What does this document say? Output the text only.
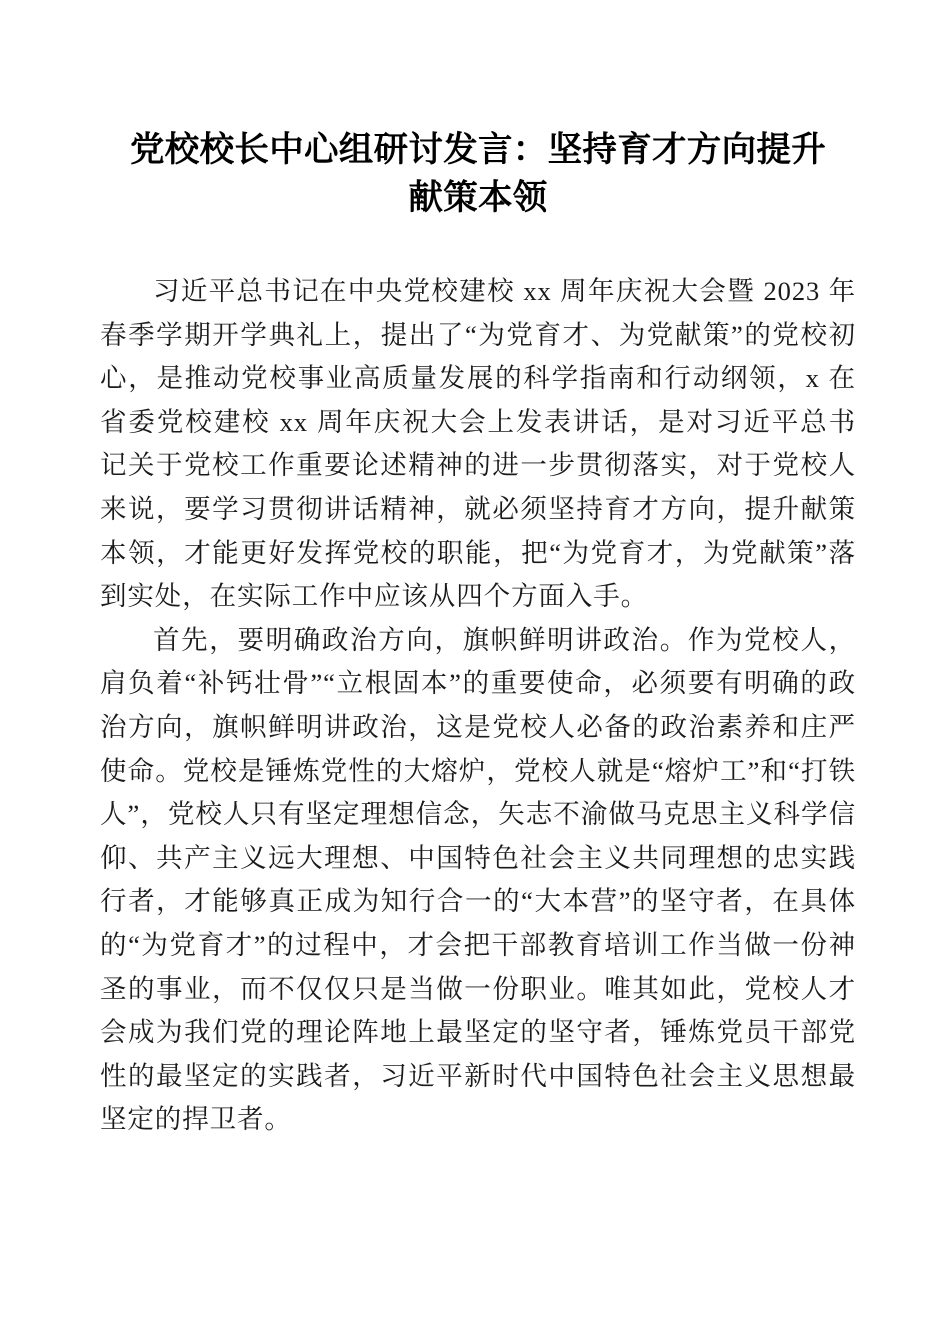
党校校长中心组研讨发言：坚持育才方向提升
献策本领

习近平总书记在中央党校建校 xx 周年庆祝大会暨 2023 年春季学期开学典礼上，提出了“为党育才、为党献策”的党校初心，是推动党校事业高质量发展的科学指南和行动纲领，x 在省委党校建校 xx 周年庆祝大会上发表讲话，是对习近平总书记关于党校工作重要论述精神的进一步贯彻落实，对于党校人来说，要学习贯彻讲话精神，就必须坚持育才方向，提升献策本领，才能更好发挥党校的职能，把“为党育才，为党献策”落到实处，在实际工作中应该从四个方面入手。

首先，要明确政治方向，旗帜鲜明讲政治。作为党校人，肩负着“补钙壮骨”“立根固本”的重要使命，必须要有明确的政治方向，旗帜鲜明讲政治，这是党校人必备的政治素养和庄严使命。党校是锤炼党性的大熔炉，党校人就是“熔炉工”和“打铁人”，党校人只有坚定理想信念，矢志不渝做马克思主义科学信仰、共产主义远大理想、中国特色社会主义共同理想的忠实践行者，才能够真正成为知行合一的“大本营”的坚守者，在具体的“为党育才”的过程中，才会把干部教育培训工作当做一份神圣的事业，而不仅仅只是当做一份职业。唯其如此，党校人才会成为我们党的理论阵地上最坚定的坚守者，锤炼党员干部党性的最坚定的实践者，习近平新时代中国特色社会主义思想最坚定的捍卫者。
